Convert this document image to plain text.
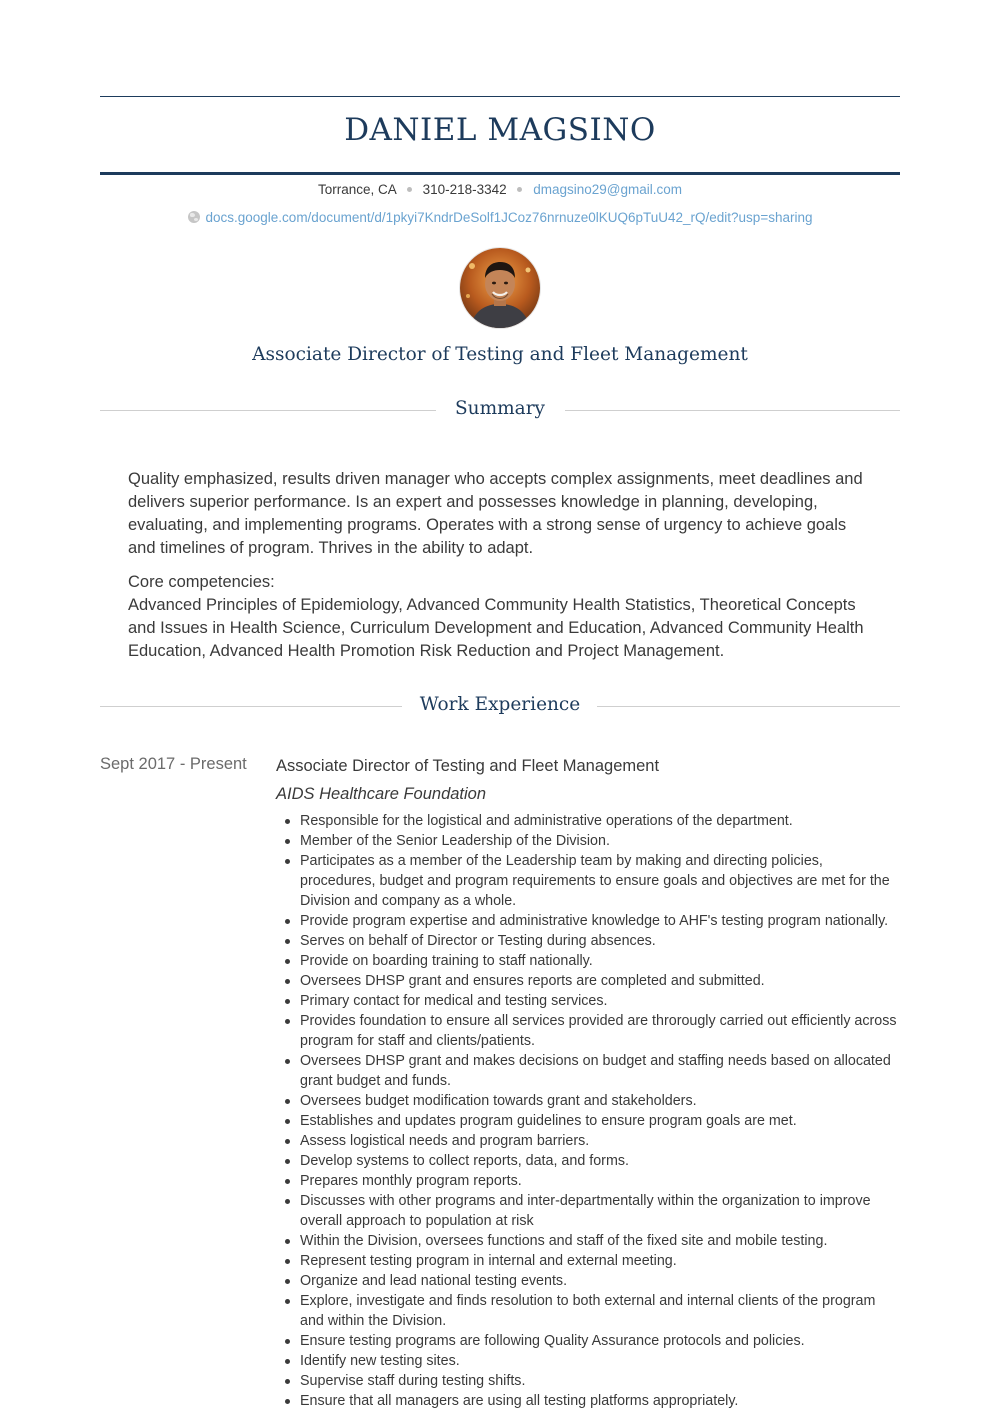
DANIEL MAGSINO
Torrance, CA 310-218-3342 dmagsino29@gmail.com
docs.google.com/document/d/1pkyi7KndrDeSolf1JCoz76nrnuze0lKUQ6pTuU42_rQ/edit?usp=sharing
Associate Director of Testing and Fleet Management
Summary

Quality emphasized, results driven manager who accepts complex assignments, meet deadlines and delivers superior performance. Is an expert and possesses knowledge in planning, developing, evaluating, and implementing programs. Operates with a strong sense of urgency to achieve goals and timelines of program. Thrives in the ability to adapt.

Core competencies:
Advanced Principles of Epidemiology, Advanced Community Health Statistics, Theoretical Concepts and Issues in Health Science, Curriculum Development and Education, Advanced Community Health Education, Advanced Health Promotion Risk Reduction and Project Management.

Work Experience
Sept 2017 - Present Associate Director of Testing and Fleet Management
AIDS Healthcare Foundation
Responsible for the logistical and administrative operations of the department.
Member of the Senior Leadership of the Division.
Participates as a member of the Leadership team by making and directing policies, procedures, budget and program requirements to ensure goals and objectives are met for the Division and company as a whole.
Provide program expertise and administrative knowledge to AHF's testing program nationally.
Serves on behalf of Director or Testing during absences.
Provide on boarding training to staff nationally.
Oversees DHSP grant and ensures reports are completed and submitted.
Primary contact for medical and testing services.
Provides foundation to ensure all services provided are throrougly carried out efficiently across program for staff and clients/patients.
Oversees DHSP grant and makes decisions on budget and staffing needs based on allocated grant budget and funds.
Oversees budget modification towards grant and stakeholders.
Establishes and updates program guidelines to ensure program goals are met.
Assess logistical needs and program barriers.
Develop systems to collect reports, data, and forms.
Prepares monthly program reports.
Discusses with other programs and inter-departmentally within the organization to improve overall approach to population at risk
Within the Division, oversees functions and staff of the fixed site and mobile testing.
Represent testing program in internal and external meeting.
Organize and lead national testing events.
Explore, investigate and finds resolution to both external and internal clients of the program and within the Division.
Ensure testing programs are following Quality Assurance protocols and policies.
Identify new testing sites.
Supervise staff during testing shifts.
Ensure that all managers are using all testing platforms appropriately.
